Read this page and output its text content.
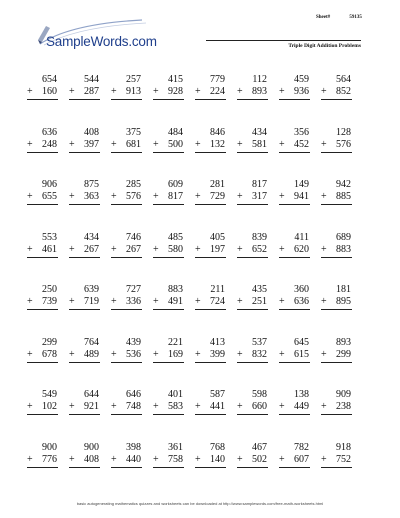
SampleWords.com
Sheet#	59135
Triple Digit Addition Problems
654
+ 160
544
+ 287
257
+ 913
415
+ 928
779
+ 224
112
+ 893
459
+ 936
564
+ 852
636
+ 248
408
+ 397
375
+ 681
484
+ 500
846
+ 132
434
+ 581
356
+ 452
128
+ 576
906
+ 655
875
+ 363
285
+ 576
609
+ 817
281
+ 729
817
+ 317
149
+ 941
942
+ 885
553
+ 461
434
+ 267
746
+ 267
485
+ 580
405
+ 197
839
+ 652
411
+ 620
689
+ 883
250
+ 739
639
+ 719
727
+ 336
883
+ 491
211
+ 724
435
+ 251
360
+ 636
181
+ 895
299
+ 678
764
+ 489
439
+ 536
221
+ 169
413
+ 399
537
+ 832
645
+ 615
893
+ 299
549
+ 102
644
+ 921
646
+ 748
401
+ 583
587
+ 441
598
+ 660
138
+ 449
909
+ 238
900
+ 776
900
+ 408
398
+ 440
361
+ 758
768
+ 140
467
+ 502
782
+ 607
918
+ 752
basic autogenerating mathematics quizzes and worksheets can be downloaded at http://www.samplewords.com/free-math-worksheets.html
